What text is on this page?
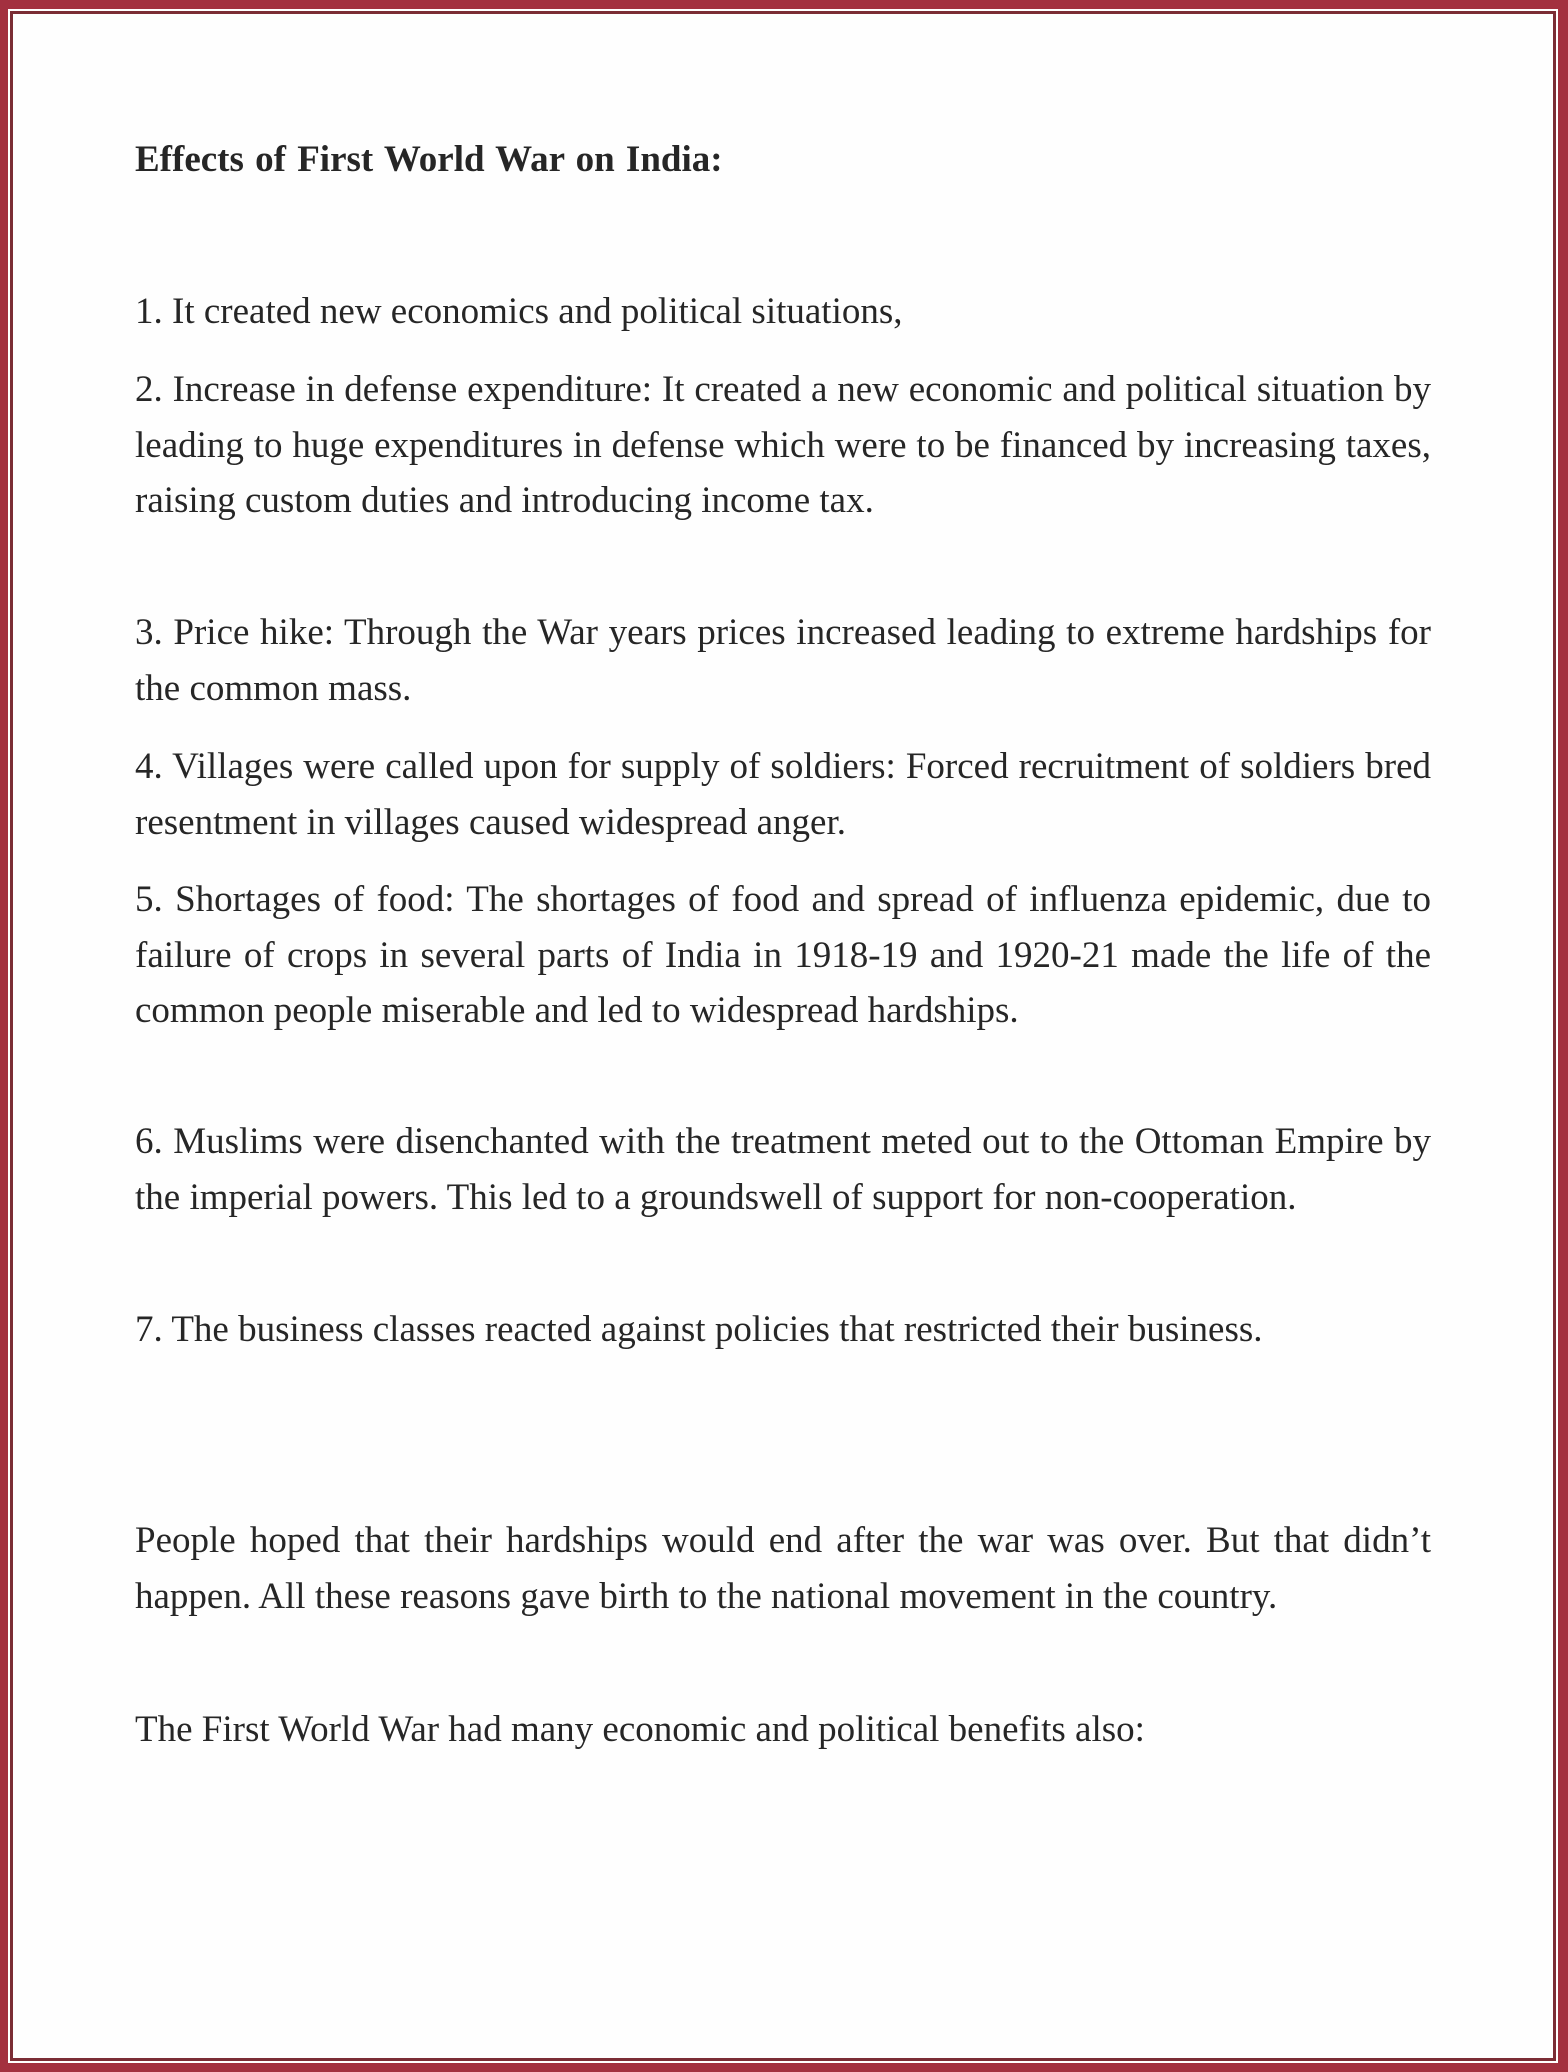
Effects of First World War on India:

1. It created new economics and political situations,

2. Increase in defense expenditure: It created a new economic and political situation by leading to huge expenditures in defense which were to be financed by increasing taxes, raising custom duties and introducing income tax.

3. Price hike: Through the War years prices increased leading to extreme hardships for the common mass.

4. Villages were called upon for supply of soldiers: Forced recruitment of soldiers bred resentment in villages caused widespread anger.

5. Shortages of food: The shortages of food and spread of influenza epidemic, due to failure of crops in several parts of India in 1918-19 and 1920-21 made the life of the common people miserable and led to widespread hardships.

6. Muslims were disenchanted with the treatment meted out to the Ottoman Empire by the imperial powers. This led to a groundswell of support for non-cooperation.

7. The business classes reacted against policies that restricted their business.

People hoped that their hardships would end after the war was over. But that didn’t happen. All these reasons gave birth to the national movement in the country.

The First World War had many economic and political benefits also:
